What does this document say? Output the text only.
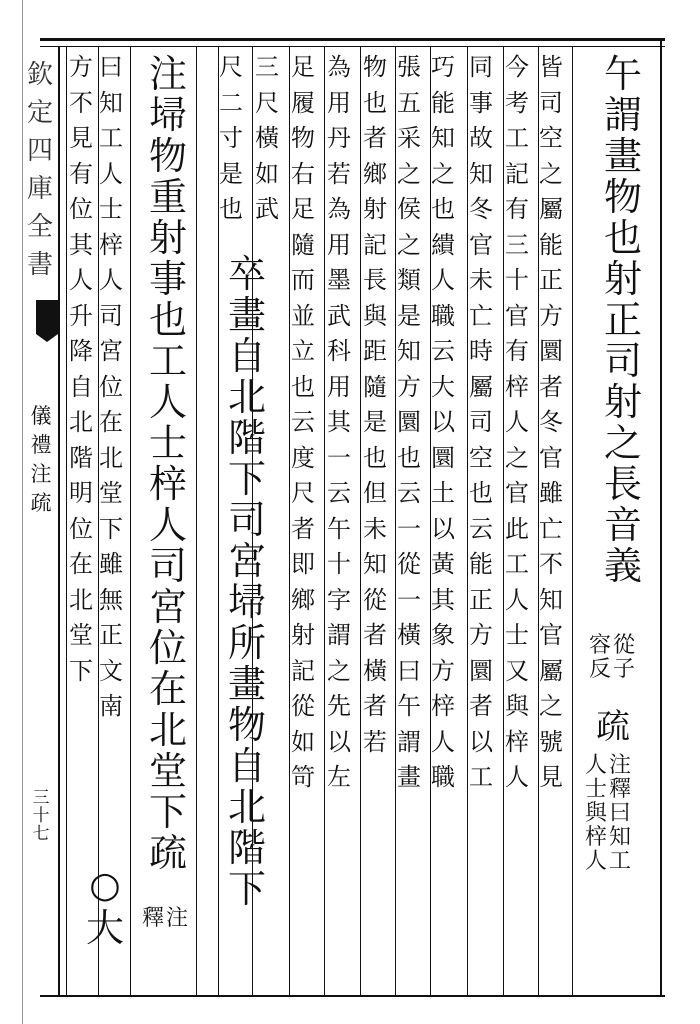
欽
定
四
庫
全
書
儀
禮
注
疏
三
十
七
午
謂
畫
物
也
射
正
司
射
之
長
音
義
從
子
容
反
疏
注
釋
曰
知
工
人
士
與
梓
人
皆
司
空
之
屬
能
正
方
圜
者
冬
官
雖
亡
不
知
官
屬
之
號
見
今
考
工
記
有
三
十
官
有
梓
人
之
官
此
工
人
士
又
與
梓
人
同
事
故
知
冬
官
未
亡
時
屬
司
空
也
云
能
正
方
圜
者
以
工
巧
能
知
之
也
繢
人
職
云
大
以
圜
土
以
黃
其
象
方
梓
人
職
張
五
采
之
侯
之
類
是
知
方
圜
也
云
一
從
一
橫
曰
午
謂
畫
物
也
者
鄉
射
記
長
與
距
隨
是
也
但
未
知
從
者
橫
者
若
為
用
丹
若
為
用
墨
武
科
用
其
一
云
午
十
字
謂
之
先
以
左
足
履
物
右
足
隨
而
並
立
也
云
度
尺
者
即
鄉
射
記
從
如
笴
三
尺
橫
如
武
尺
二
寸
是
也
卒
畫
自
北
階
下
司
宮
埽
所
畫
物
自
北
階
下
注
埽
物
重
射
事
也
工
人
士
梓
人
司
宮
位
在
北
堂
下
疏
注
釋
曰
知
工
人
士
梓
人
司
宮
位
在
北
堂
下
雖
無
正
文
南
方
不
見
有
位
其
人
升
降
自
北
階
明
位
在
北
堂
下
○
大
